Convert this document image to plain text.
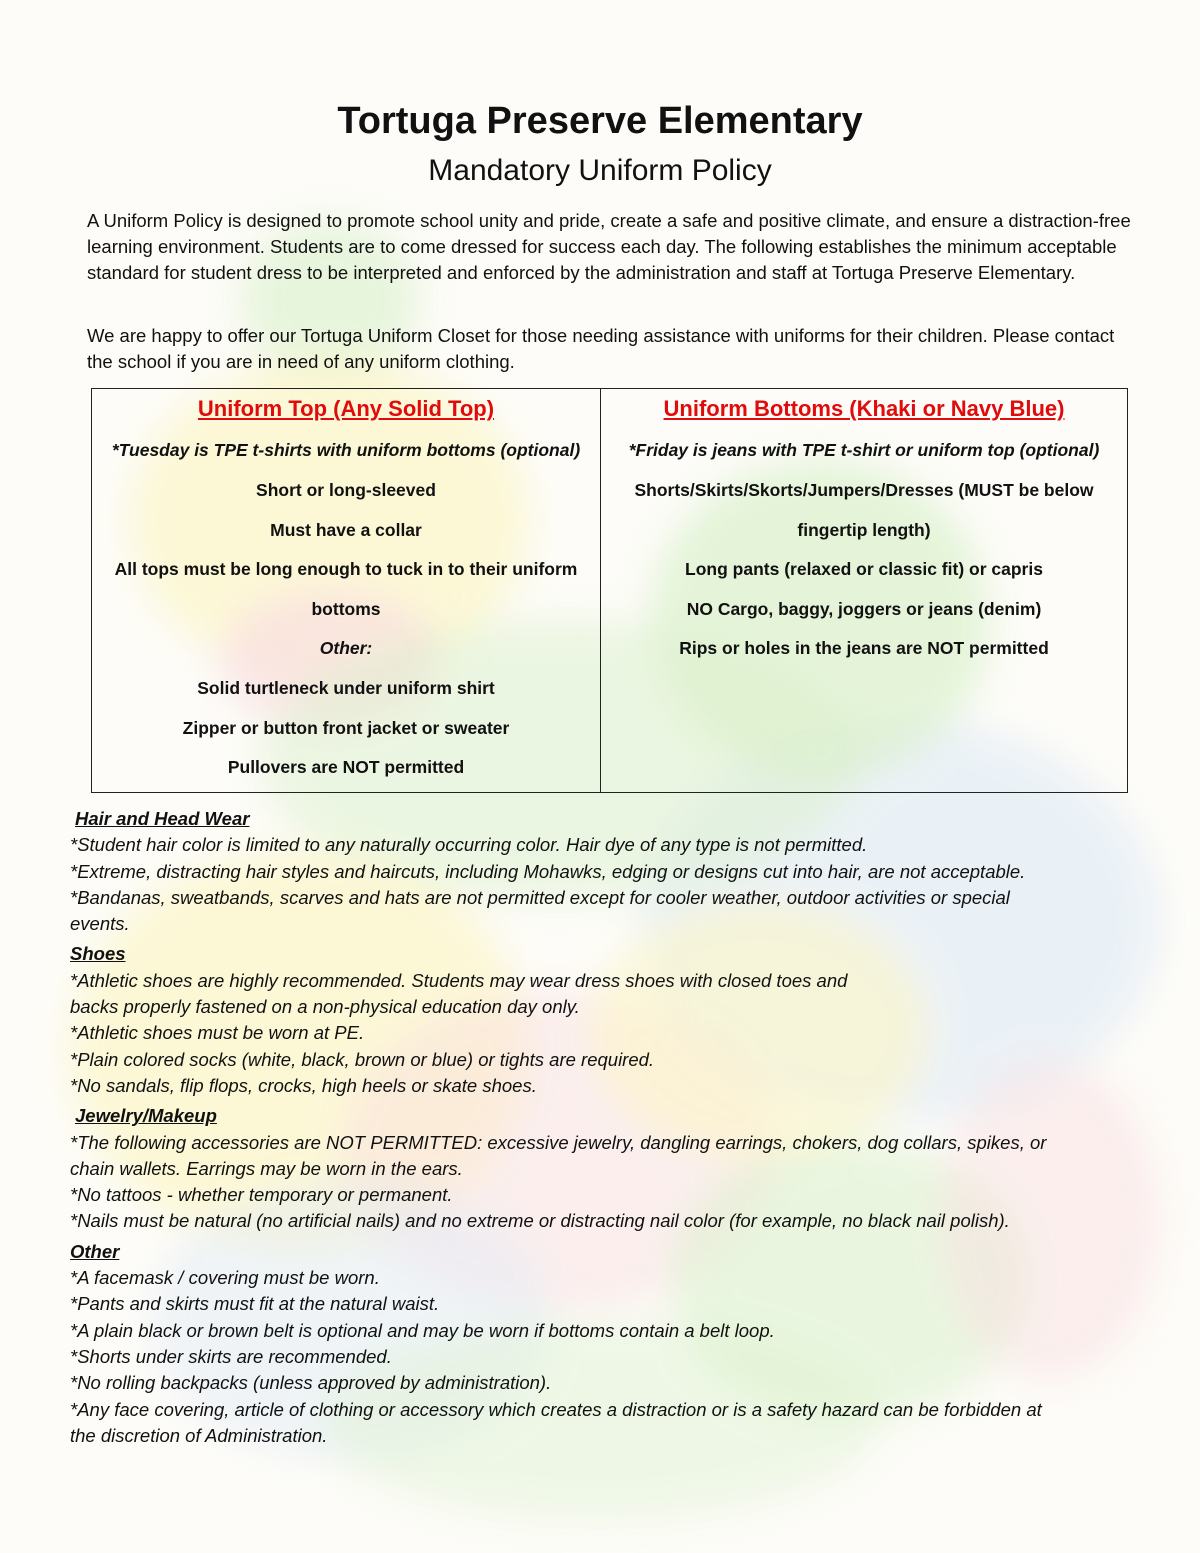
Tortuga Preserve Elementary
Mandatory Uniform Policy

A Uniform Policy is designed to promote school unity and pride, create a safe and positive climate, and ensure a distraction-free learning environment. Students are to come dressed for success each day. The following establishes the minimum acceptable standard for student dress to be interpreted and enforced by the administration and staff at Tortuga Preserve Elementary.

We are happy to offer our Tortuga Uniform Closet for those needing assistance with uniforms for their children. Please contact the school if you are in need of any uniform clothing.

Uniform Top (Any Solid Top)
*Tuesday is TPE t-shirts with uniform bottoms (optional)
Short or long-sleeved
Must have a collar
All tops must be long enough to tuck in to their uniform
bottoms
Other:
Solid turtleneck under uniform shirt
Zipper or button front jacket or sweater
Pullovers are NOT permitted
Uniform Bottoms (Khaki or Navy Blue)
*Friday is jeans with TPE t-shirt or uniform top (optional)
Shorts/Skirts/Skorts/Jumpers/Dresses (MUST be below
fingertip length)
Long pants (relaxed or classic fit) or capris
NO Cargo, baggy, joggers or jeans (denim)
Rips or holes in the jeans are NOT permitted
Hair and Head Wear
*Student hair color is limited to any naturally occurring color. Hair dye of any type is not permitted.
*Extreme, distracting hair styles and haircuts, including Mohawks, edging or designs cut into hair, are not acceptable.
*Bandanas, sweatbands, scarves and hats are not permitted except for cooler weather, outdoor activities or special
events.
Shoes
*Athletic shoes are highly recommended. Students may wear dress shoes with closed toes and
backs properly fastened on a non-physical education day only.
*Athletic shoes must be worn at PE.
*Plain colored socks (white, black, brown or blue) or tights are required.
*No sandals, flip flops, crocks, high heels or skate shoes.
Jewelry/Makeup
*The following accessories are NOT PERMITTED: excessive jewelry, dangling earrings, chokers, dog collars, spikes, or
chain wallets. Earrings may be worn in the ears.
*No tattoos - whether temporary or permanent.
*Nails must be natural (no artificial nails) and no extreme or distracting nail color (for example, no black nail polish).
Other
*A facemask / covering must be worn.
*Pants and skirts must fit at the natural waist.
*A plain black or brown belt is optional and may be worn if bottoms contain a belt loop.
*Shorts under skirts are recommended.
*No rolling backpacks (unless approved by administration).
*Any face covering, article of clothing or accessory which creates a distraction or is a safety hazard can be forbidden at
the discretion of Administration.
